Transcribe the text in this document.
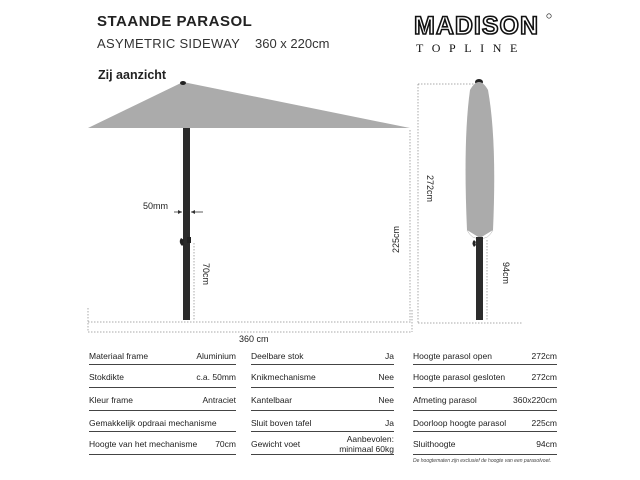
STAANDE PARASOL
ASYMETRIC SIDEWAY 360 x 220cm
MADISON
TOPLINE
Zij aanzicht
50mm
70cm
225cm
272cm
360 cm
94cm
Materiaal frame	Aluminium
Stokdikte	c.a. 50mm
Kleur frame	Antraciet
Gemakkelijk opdraai mechanisme
Hoogte van het mechanisme 70cm
Deelbare stok	Ja
Knikmechanisme	Nee
Kantelbaar	Nee
Sluit boven tafel	Ja
Gewicht voet	Aanbevolen:
minimaal 60kg
Hoogte parasol open	272cm
Hoogte parasol gesloten	272cm
Afmeting parasol	360x220cm
Doorloop hoogte parasol	225cm
Sluithoogte	94cm
De hoogtematen zijn exclusief de hoogte van een parasolvoet.
